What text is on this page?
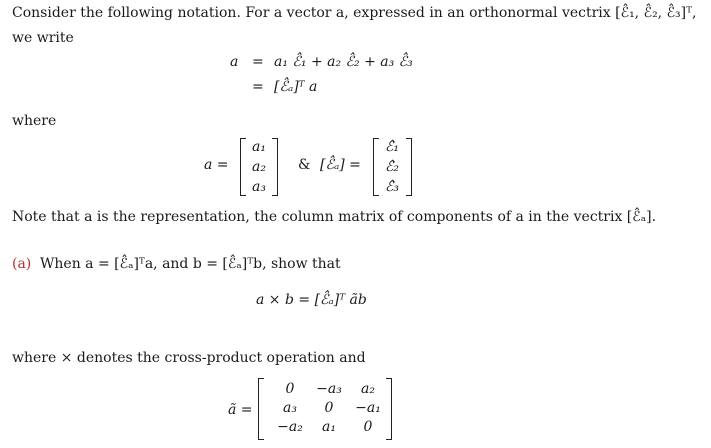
Consider the following notation. For a vector a, expressed in an orthonormal vectrix [ℰ̂₁, ℰ̂₂, ℰ̂₃]ᵀ,
we write
a = a₁ ℰ̂₁ + a₂ ℰ̂₂ + a₃ ℰ̂₃
= [ℰ̂ₐ]ᵀ a
where
a =
a₁
a₂
a₃
& [ℰ̂ₐ] =
ℰ̂₁
ℰ̂₂
ℰ̂₃
Note that a is the representation, the column matrix of components of a in the vectrix [ℰ̂ₐ].
(a) When a = [ℰ̂ₐ]ᵀa, and b = [ℰ̂ₐ]ᵀb, show that
a × b = [ℰ̂ₐ]ᵀ ãb
where × denotes the cross-product operation and
ã =
0
a₃
−a₂
−a₃
0
a₁
a₂
−a₁
0
